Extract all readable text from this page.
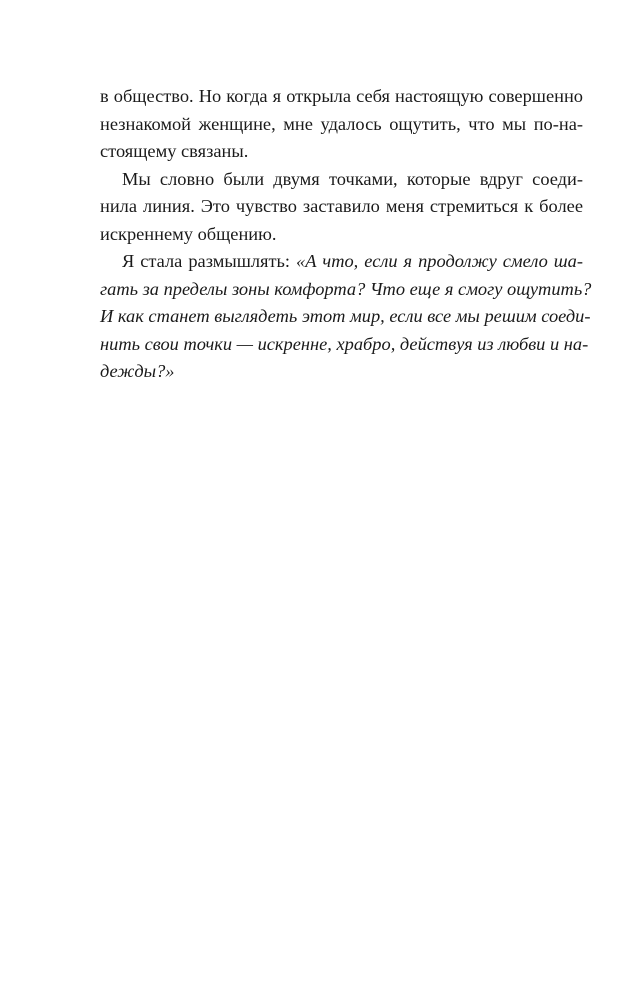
в общество. Но когда я открыла себя настоящую совершенно
незнакомой женщине, мне удалось ощутить, что мы по-на-
стоящему связаны.
Мы словно были двумя точками, которые вдруг соеди-
нила линия. Это чувство заставило меня стремиться к более
искреннему общению.
Я стала размышлять: «А что, если я продолжу смело ша-
гать за пределы зоны комфорта? Что еще я смогу ощутить?
И как станет выглядеть этот мир, если все мы решим соеди-
нить свои точки — искренне, храбро, действуя из любви и на-
дежды?»
